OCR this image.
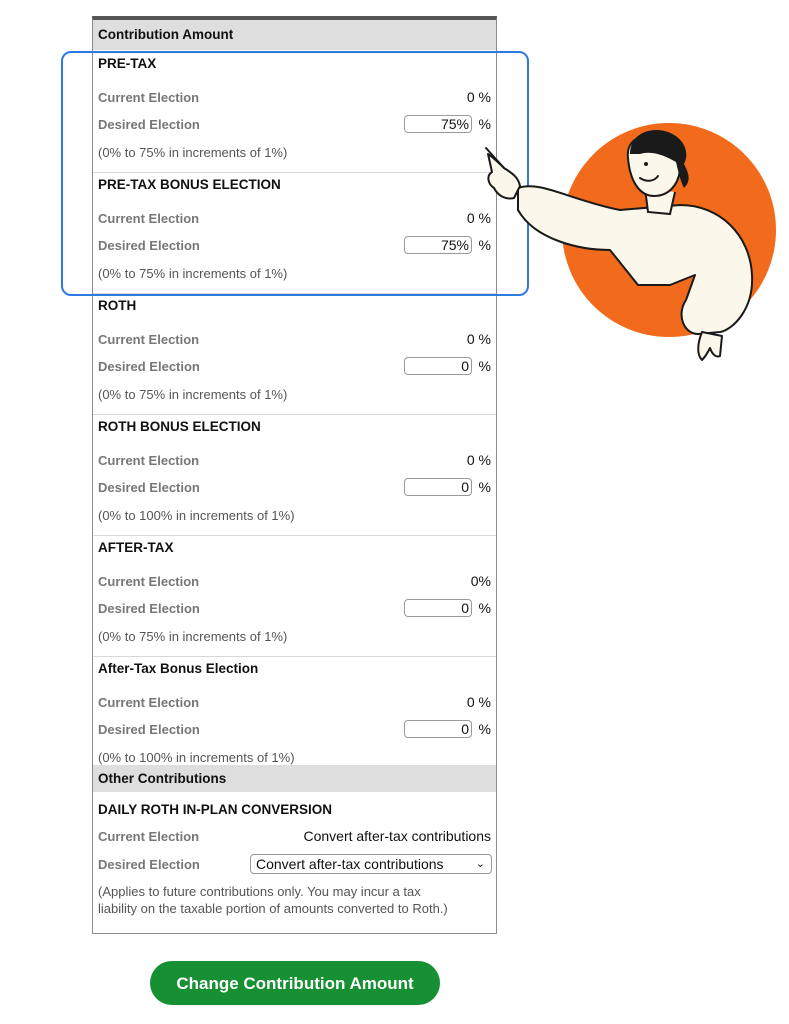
Contribution Amount
PRE-TAX
Current Election	0 %
Desired Election	75% %
(0% to 75% in increments of 1%)
PRE-TAX BONUS ELECTION
Current Election	0 %
Desired Election	75% %
(0% to 75% in increments of 1%)
ROTH
Current Election	0 %
Desired Election	0 %
(0% to 75% in increments of 1%)
ROTH BONUS ELECTION
Current Election	0 %
Desired Election	0 %
(0% to 100% in increments of 1%)
AFTER-TAX
Current Election	0%
Desired Election	0 %
(0% to 75% in increments of 1%)
After-Tax Bonus Election
Current Election	0 %
Desired Election	0 %
(0% to 100% in increments of 1%)
Other Contributions
DAILY ROTH IN-PLAN CONVERSION
Current Election	Convert after-tax contributions
Desired Election	Convert after-tax contributions	⌄
(Applies to future contributions only. You may incur a tax
liability on the taxable portion of amounts converted to Roth.)
Change Contribution Amount
